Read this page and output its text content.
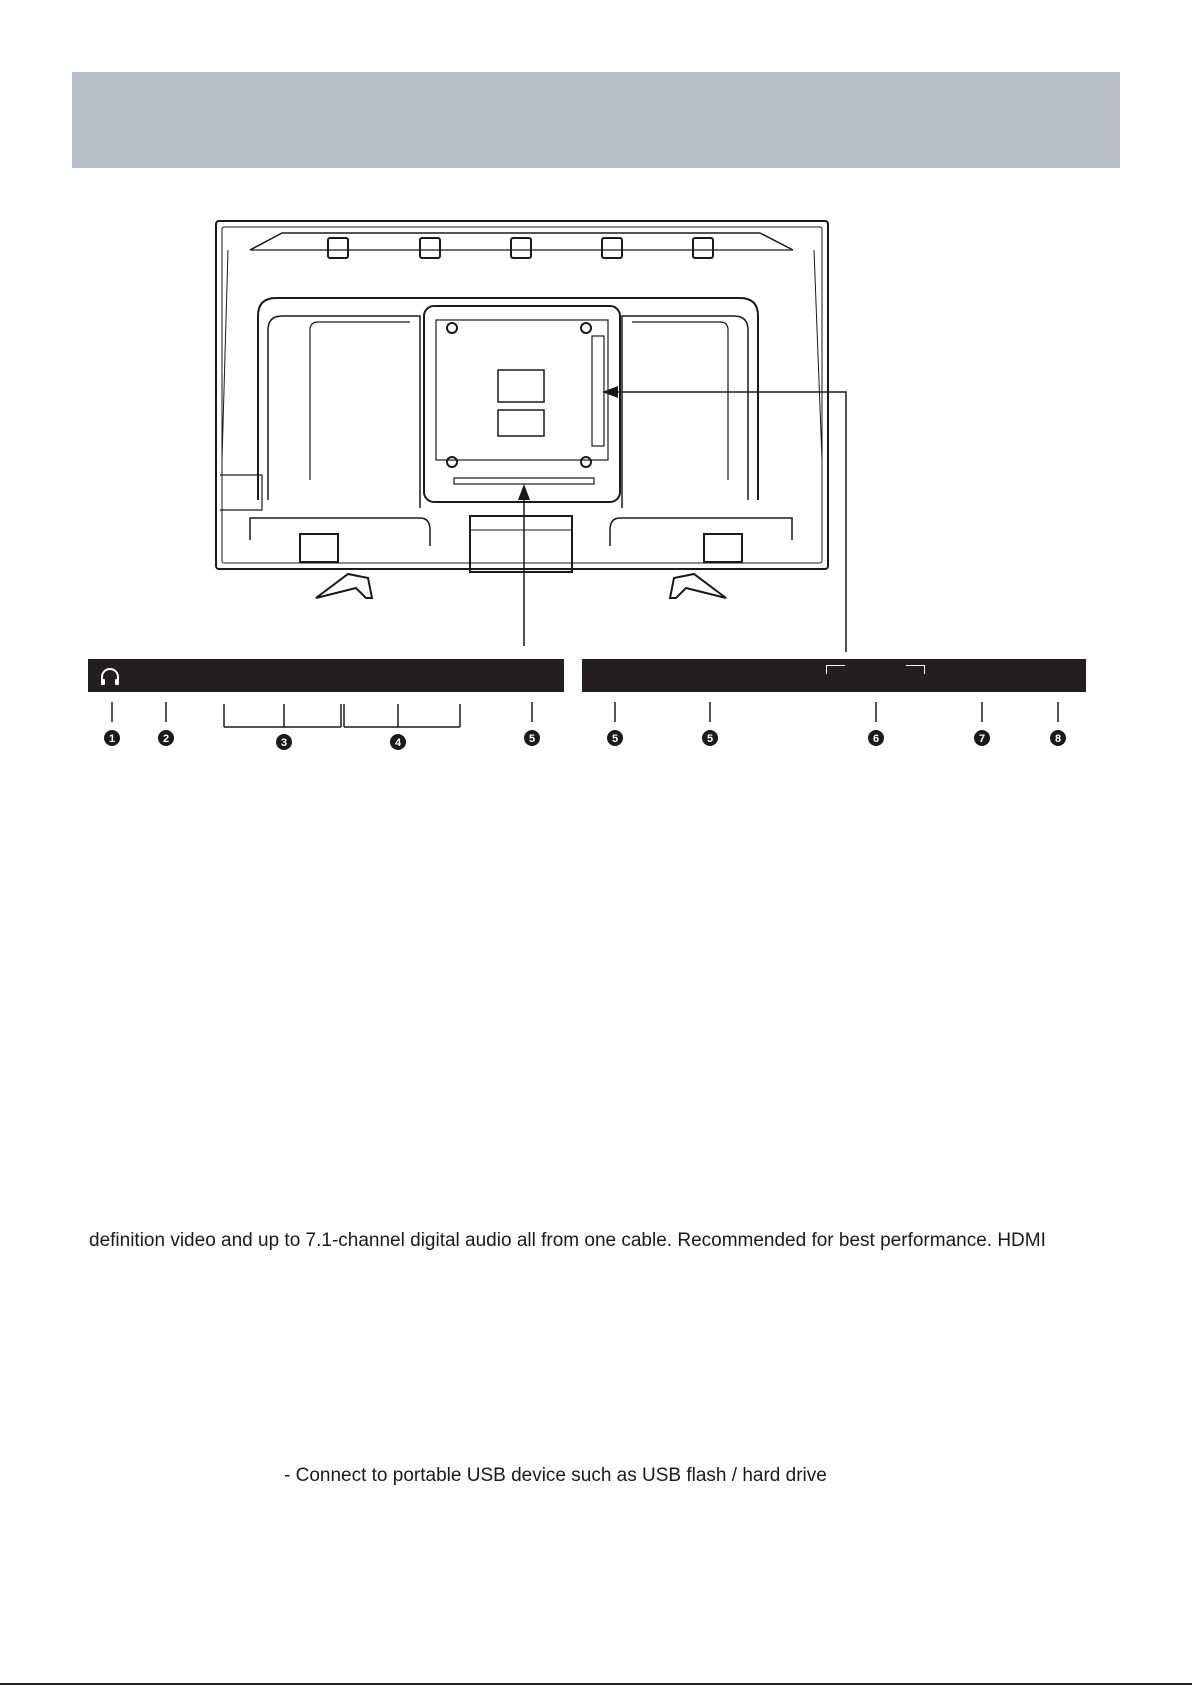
1	2	3	4	5	5	5	6	7	8
definition video and up to 7.1-channel digital audio all from one cable. Recommended for best performance. HDMI
- Connect to portable USB device such as USB flash / hard drive
